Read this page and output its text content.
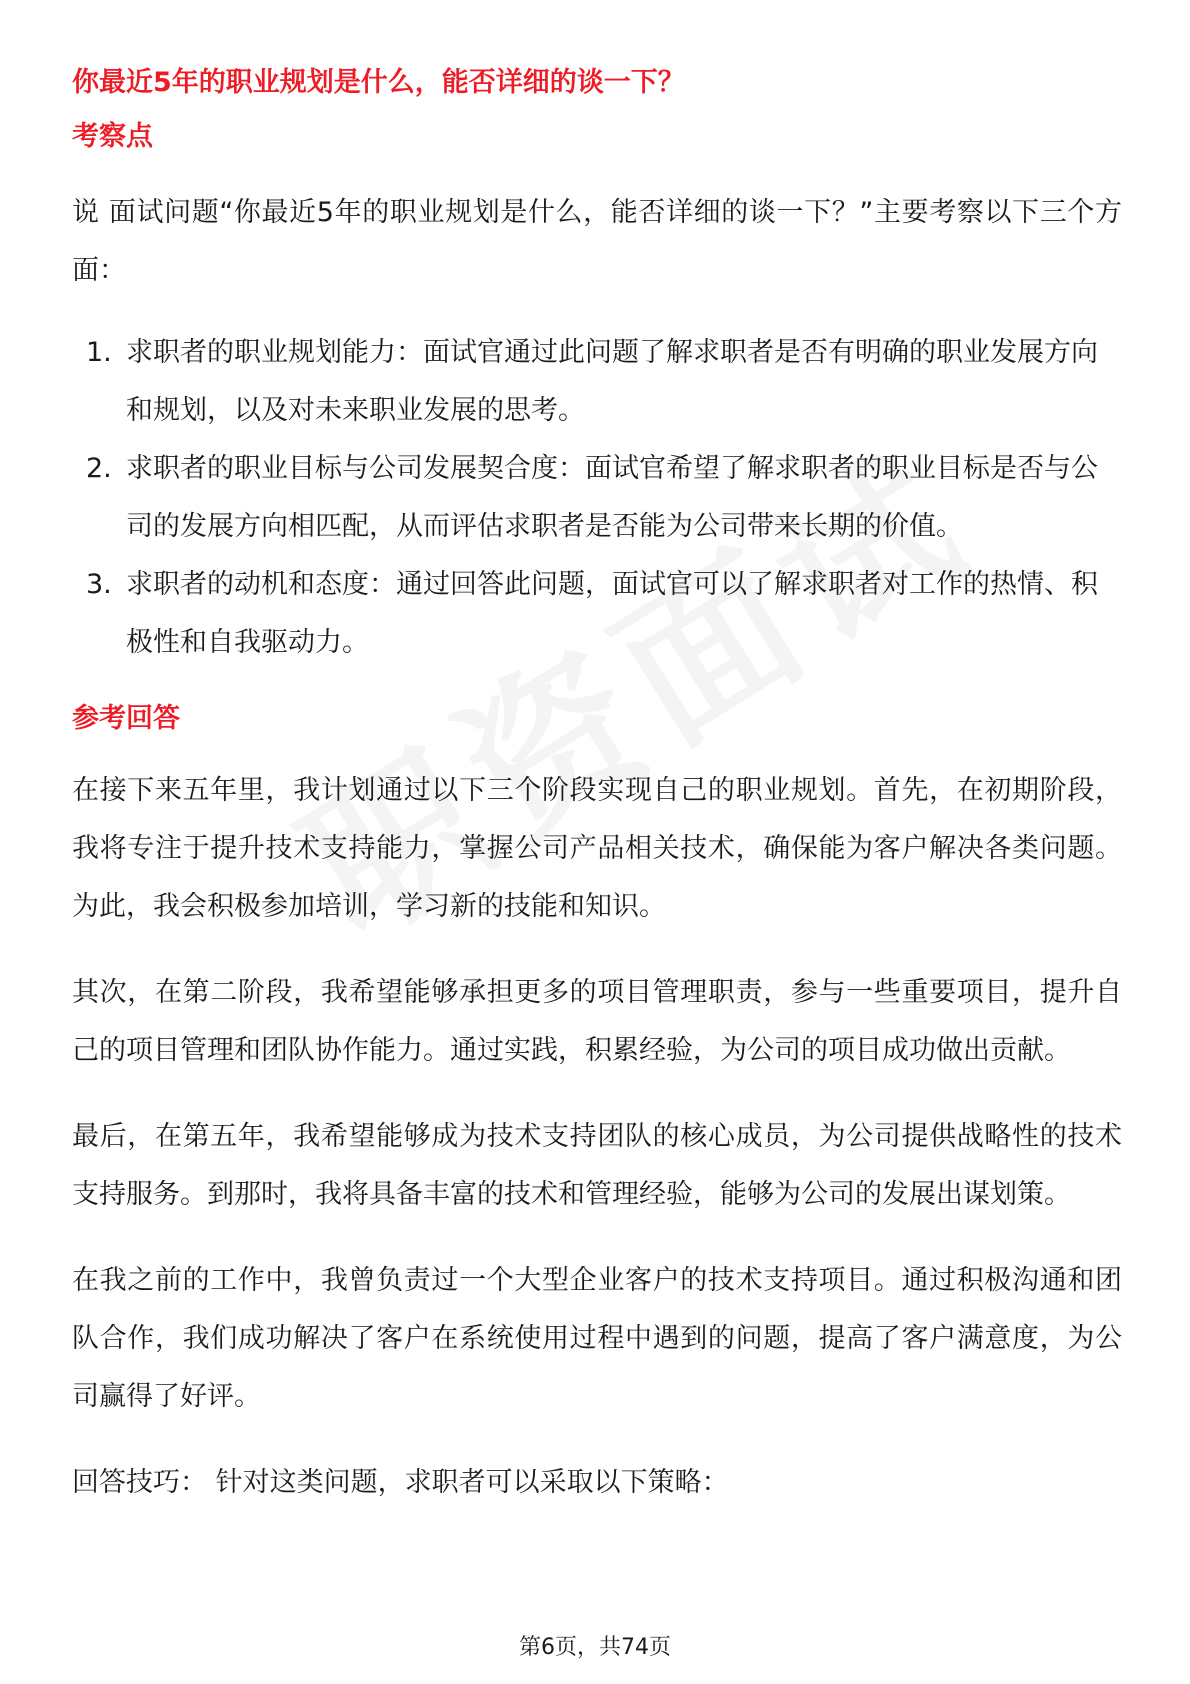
你最近5年的职业规划是什么，能否详细的谈一下？
考察点

说 面试问题“你最近5年的职业规划是什么，能否详细的谈一下？”主要考察以下三个方面：

1. 求职者的职业规划能力：面试官通过此问题了解求职者是否有明确的职业发展方向和规划，以及对未来职业发展的思考。
2. 求职者的职业目标与公司发展契合度：面试官希望了解求职者的职业目标是否与公司的发展方向相匹配，从而评估求职者是否能为公司带来长期的价值。
3. 求职者的动机和态度：通过回答此问题，面试官可以了解求职者对工作的热情、积极性和自我驱动力。
参考回答

在接下来五年里，我计划通过以下三个阶段实现自己的职业规划。首先，在初期阶段，我将专注于提升技术支持能力，掌握公司产品相关技术，确保能为客户解决各类问题。为此，我会积极参加培训，学习新的技能和知识。

其次，在第二阶段，我希望能够承担更多的项目管理职责，参与一些重要项目，提升自己的项目管理和团队协作能力。通过实践，积累经验，为公司的项目成功做出贡献。

最后，在第五年，我希望能够成为技术支持团队的核心成员，为公司提供战略性的技术支持服务。到那时，我将具备丰富的技术和管理经验，能够为公司的发展出谋划策。

在我之前的工作中，我曾负责过一个大型企业客户的技术支持项目。通过积极沟通和团队合作，我们成功解决了客户在系统使用过程中遇到的问题，提高了客户满意度，为公司赢得了好评。

回答技巧： 针对这类问题，求职者可以采取以下策略：

第6页，共74页
